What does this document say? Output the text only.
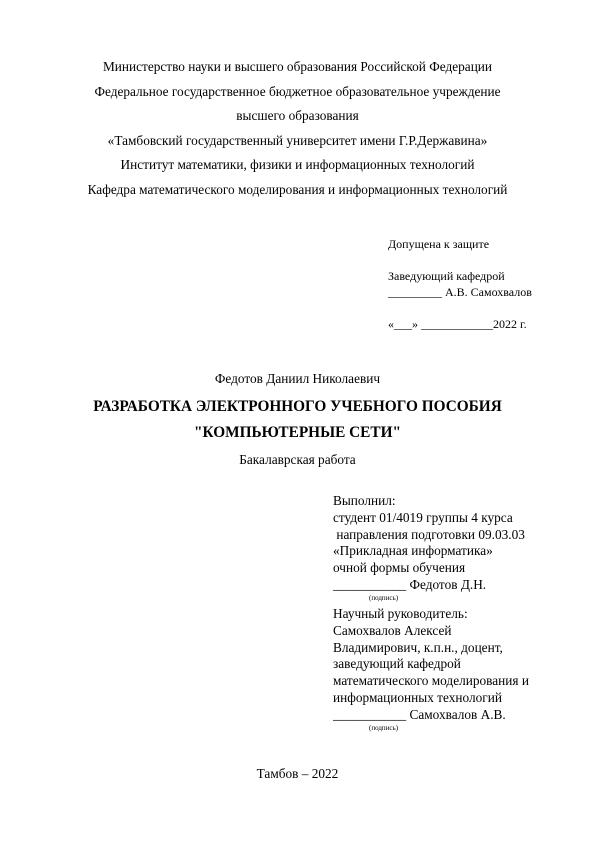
Министерство науки и высшего образования Российской Федерации
Федеральное государственное бюджетное образовательное учреждение
высшего образования
«Тамбовский государственный университет имени Г.Р.Державина»
Институт математики, физики и информационных технологий
Кафедра математического моделирования и информационных технологий
Допущена к защите
Заведующий кафедрой
_________ А.В. Самохвалов
«___» ____________2022 г.
Федотов Даниил Николаевич
РАЗРАБОТКА ЭЛЕКТРОННОГО УЧЕБНОГО ПОСОБИЯ
"КОМПЬЮТЕРНЫЕ СЕТИ"
Бакалаврская работа
Выполнил:
студент 01/4019 группы 4 курса
направления подготовки 09.03.03
«Прикладная информатика»
очной формы обучения
___________ Федотов Д.Н.
(подпись)
Научный руководитель:
Самохвалов Алексей
Владимирович, к.п.н., доцент,
заведующий кафедрой
математического моделирования и
информационных технологий
___________ Самохвалов А.В.
(подпись)
Тамбов – 2022
